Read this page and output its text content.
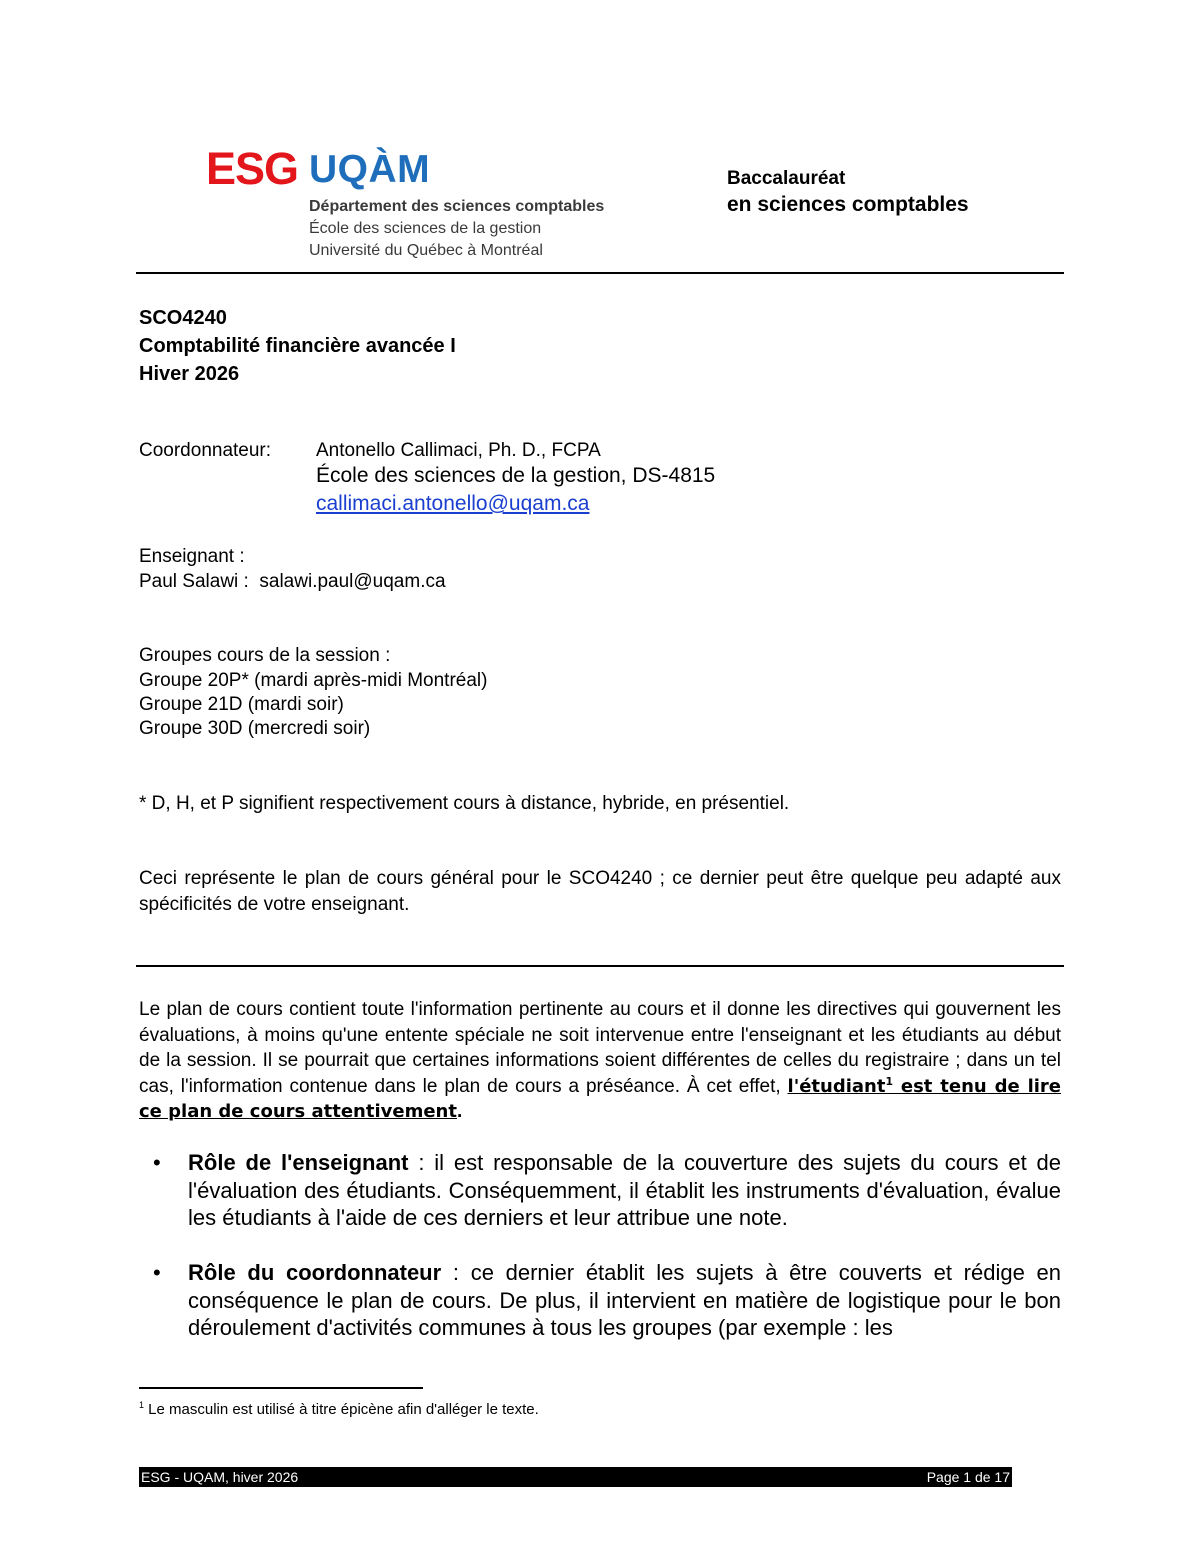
ESG UQÀM
Département des sciences comptables
École des sciences de la gestion
Université du Québec à Montréal
Baccalauréat
en sciences comptables
SCO4240
Comptabilité financière avancée I
Hiver 2026
Coordonnateur: Antonello Callimaci, Ph. D., FCPA
École des sciences de la gestion, DS-4815
callimaci.antonello@uqam.ca
Enseignant :
Paul Salawi :  salawi.paul@uqam.ca
Groupes cours de la session :
Groupe 20P* (mardi après-midi Montréal)
Groupe 21D (mardi soir)
Groupe 30D (mercredi soir)
* D, H, et P signifient respectivement cours à distance, hybride, en présentiel.
Ceci représente le plan de cours général pour le SCO4240 ; ce dernier peut être quelque peu adapté aux spécificités de votre enseignant.
Le plan de cours contient toute l'information pertinente au cours et il donne les directives qui gouvernent les évaluations, à moins qu'une entente spéciale ne soit intervenue entre l'enseignant et les étudiants au début de la session. Il se pourrait que certaines informations soient différentes de celles du registraire ; dans un tel cas, l'information contenue dans le plan de cours a préséance. À cet effet, l'étudiant$^1$ est tenu de lire ce plan de cours attentivement.
• Rôle de l'enseignant : il est responsable de la couverture des sujets du cours et de l'évaluation des étudiants. Conséquemment, il établit les instruments d'évaluation, évalue les étudiants à l'aide de ces derniers et leur attribue une note.
• Rôle du coordonnateur : ce dernier établit les sujets à être couverts et rédige en conséquence le plan de cours. De plus, il intervient en matière de logistique pour le bon déroulement d'activités communes à tous les groupes (par exemple : les
$^1$ Le masculin est utilisé à titre épicène afin d'alléger le texte.
ESG - UQAM, hiver 2026	Page 1 de 17
